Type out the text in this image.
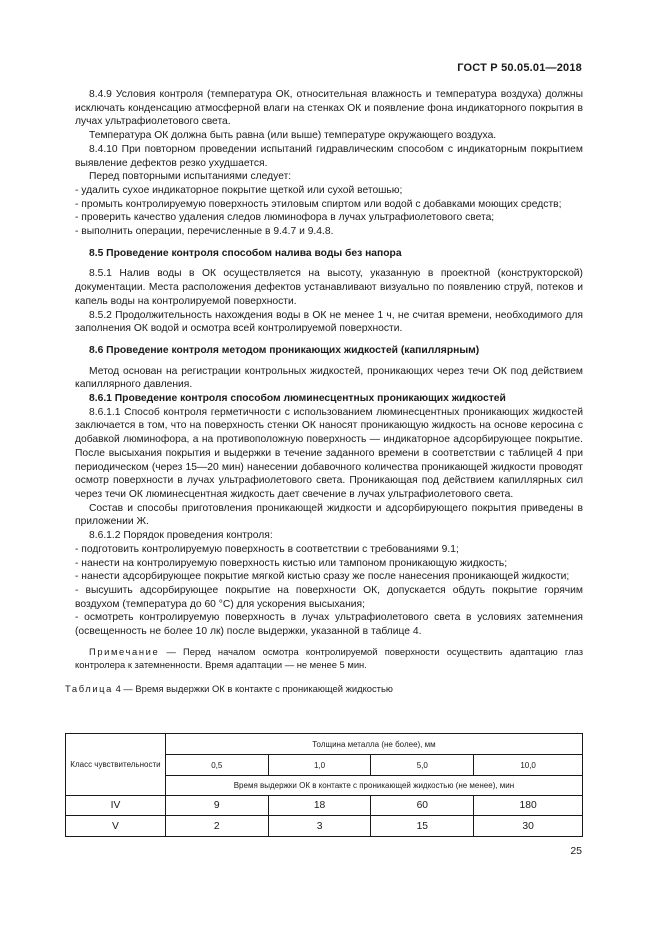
ГОСТ Р 50.05.01—2018

8.4.9 Условия контроля (температура ОК, относительная влажность и температура воздуха) должны исключать конденсацию атмосферной влаги на стенках ОК и появление фона индикаторного покрытия в лучах ультрафиолетового света.

Температура ОК должна быть равна (или выше) температуре окружающего воздуха.

8.4.10 При повторном проведении испытаний гидравлическим способом с индикаторным покрытием выявление дефектов резко ухудшается.

Перед повторными испытаниями следует:

- удалить сухое индикаторное покрытие щеткой или сухой ветошью;

- промыть контролируемую поверхность этиловым спиртом или водой с добавками моющих средств;

- проверить качество удаления следов люминофора в лучах ультрафиолетового света;

- выполнить операции, перечисленные в 9.4.7 и 9.4.8.

8.5 Проведение контроля способом налива воды без напора

8.5.1 Налив воды в ОК осуществляется на высоту, указанную в проектной (конструкторской) документации. Места расположения дефектов устанавливают визуально по появлению струй, потеков и капель воды на контролируемой поверхности.

8.5.2 Продолжительность нахождения воды в ОК не менее 1 ч, не считая времени, необходимого для заполнения ОК водой и осмотра всей контролируемой поверхности.

8.6 Проведение контроля методом проникающих жидкостей (капиллярным)

Метод основан на регистрации контрольных жидкостей, проникающих через течи ОК под действием капиллярного давления.

8.6.1 Проведение контроля способом люминесцентных проникающих жидкостей

8.6.1.1 Способ контроля герметичности с использованием люминесцентных проникающих жидкостей заключается в том, что на поверхность стенки ОК наносят проникающую жидкость на основе керосина с добавкой люминофора, а на противоположную поверхность — индикаторное адсорбирующее покрытие. После высыхания покрытия и выдержки в течение заданного времени в соответствии с таблицей 4 при периодическом (через 15—20 мин) нанесении добавочного количества проникающей жидкости проводят осмотр поверхности в лучах ультрафиолетового света. Проникающая под действием капиллярных сил через течи ОК люминесцентная жидкость дает свечение в лучах ультрафиолетового света.

Состав и способы приготовления проникающей жидкости и адсорбирующего покрытия приведены в приложении Ж.

8.6.1.2 Порядок проведения контроля:

- подготовить контролируемую поверхность в соответствии с требованиями 9.1;

- нанести на контролируемую поверхность кистью или тампоном проникающую жидкость;

- нанести адсорбирующее покрытие мягкой кистью сразу же после нанесения проникающей жидкости;

- высушить адсорбирующее покрытие на поверхности ОК, допускается обдуть покрытие горячим воздухом (температура до 60 °С) для ускорения высыхания;

- осмотреть контролируемую поверхность в лучах ультрафиолетового света в условиях затемнения (освещенность не более 10 лк) после выдержки, указанной в таблице 4.

Примечание — Перед началом осмотра контролируемой поверхности осуществить адаптацию глаз контролера к затемненности. Время адаптации — не менее 5 мин.

Таблица 4 — Время выдержки ОК в контакте с проникающей жидкостью

Класс чувствительности	Толщина металла (не более), мм			
	0,5	1,0	5,0	10,0
	Время выдержки ОК в контакте с проникающей жидкостью (не менее), мин			
IV	9	18	60	180
V	2	3	15	30
25
